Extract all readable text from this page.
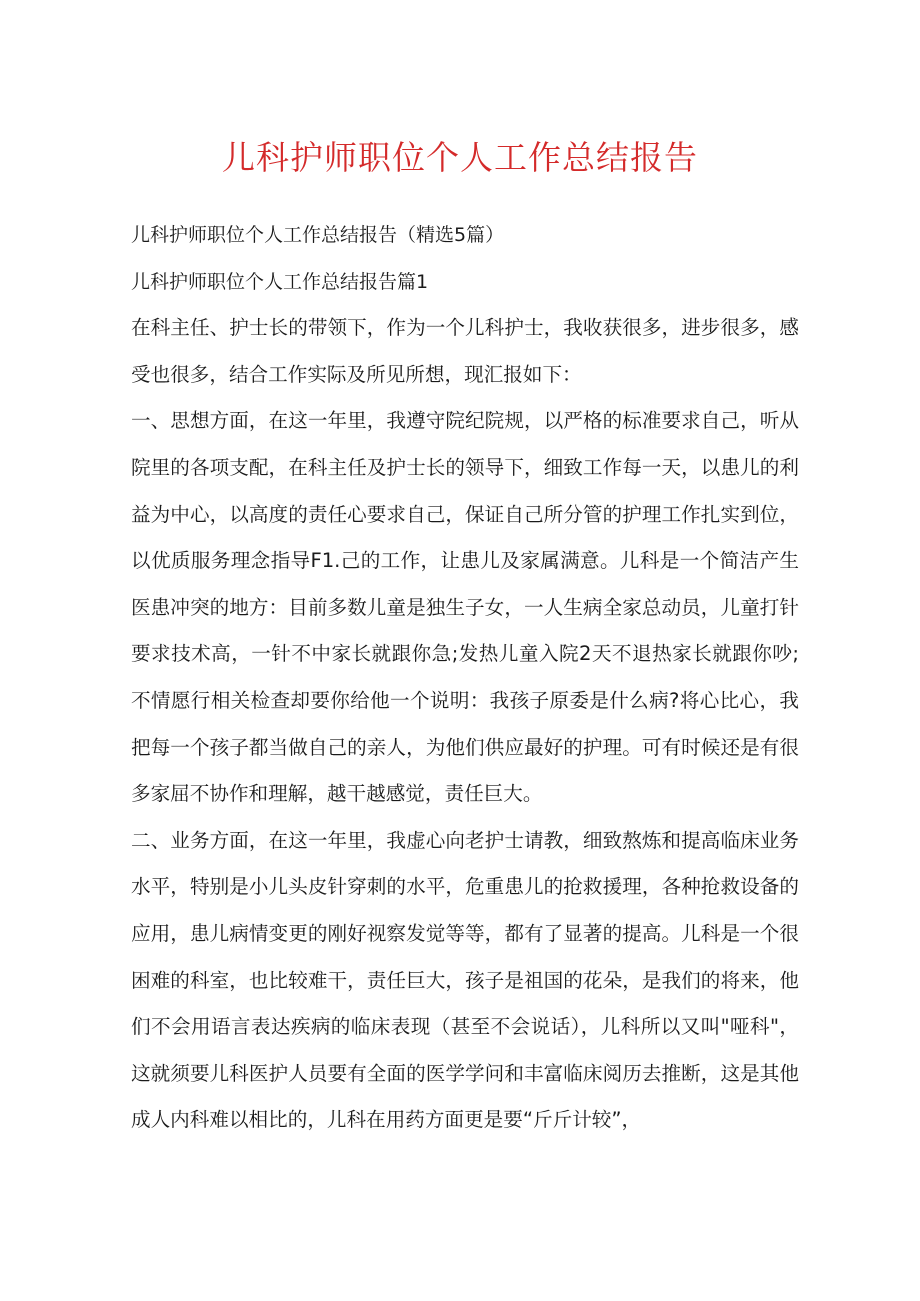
儿科护师职位个人工作总结报告

儿科护师职位个人工作总结报告（精选5篇）

儿科护师职位个人工作总结报告篇1

在科主任、护士长的带领下，作为一个儿科护士，我收获很多，进步很多，感受也很多，结合工作实际及所见所想，现汇报如下：

一、思想方面，在这一年里，我遵守院纪院规，以严格的标准要求自己，听从院里的各项支配，在科主任及护士长的领导下，细致工作每一天，以患儿的利益为中心，以高度的责任心要求自己，保证自己所分管的护理工作扎实到位，以优质服务理念指导F1.己的工作，让患儿及家属满意。儿科是一个简洁产生医患冲突的地方：目前多数儿童是独生子女，一人生病全家总动员，儿童打针要求技术高，一针不中家长就跟你急;发热儿童入院2天不退热家长就跟你吵;不情愿行相关检查却要你给他一个说明：我孩子原委是什么病?将心比心，我把每一个孩子都当做自己的亲人，为他们供应最好的护理。可有时候还是有很多家屈不协作和理解，越干越感觉，责任巨大。

二、业务方面，在这一年里，我虚心向老护士请教，细致熬炼和提高临床业务水平，特别是小儿头皮针穿刺的水平，危重患儿的抢救援理，各种抢救设备的应用，患儿病情变更的刚好视察发觉等等，都有了显著的提高。儿科是一个很困难的科室，也比较难干，责任巨大，孩子是祖国的花朵，是我们的将来，他们不会用语言表达疾病的临床表现（甚至不会说话），儿科所以又叫"哑科"，这就须要儿科医护人员要有全面的医学学问和丰富临床阅历去推断，这是其他成人内科难以相比的，儿科在用药方面更是要“斤斤计较”，
